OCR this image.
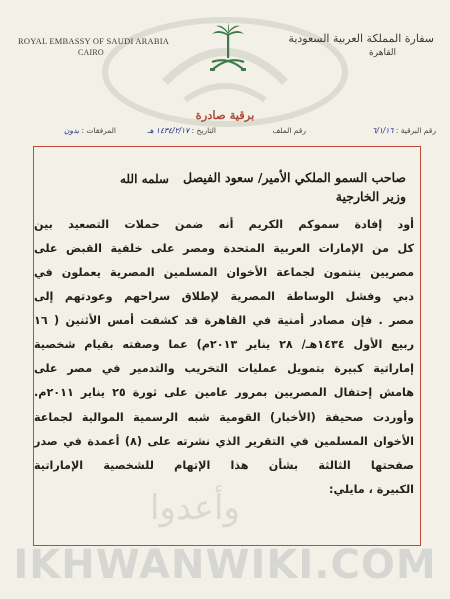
ROYAL EMBASSY OF SAUDI ARABIA
CAIRO
سفارة المملكة العربية السعودية
القاهرة
برقية صادرة
رقم البرقية : ٦/١/١٦
رقم الملف
التاريخ : ١٤٣٤/٢/١٧ هـ
المرفقات : بدون
صاحب السمو الملكي الأمير/ سعود الفيصل
وزير الخارجية
سلمه الله
أود إفادة سموكم الكريم أنه ضمن حملات التصعيد بين
كل من الإمارات العربية المتحدة ومصر على خلفية القبض على
مصريين ينتمون لجماعة الأخوان المسلمين المصرية يعملون في
دبي وفشل الوساطة المصرية لإطلاق سراحهم وعودتهم إلى
مصر . فإن مصادر أمنية في القاهرة قد كشفت أمس الأثنين ( ١٦
ربيع الأول ١٤٣٤هـ/ ٢٨ يناير ٢٠١٣م) عما وصفته بقيام شخصية
إماراتية كبيرة بتمويل عمليات التخريب والتدمير في مصر على
هامش إحتفال المصريين بمرور عامين على ثورة ٢٥ يناير ٢٠١١م.
وأوردت صحيفة (الأخبار) القومية شبه الرسمية الموالية لجماعة
الأخوان المسلمين في التقرير الذي نشرته على (٨) أعمدة في صدر
صفحتها الثالثة بشأن هذا الإتهام للشخصية الإماراتية
الكبيرة ، مايلي:
وأعدوا
IKHWANWIKI.COM
